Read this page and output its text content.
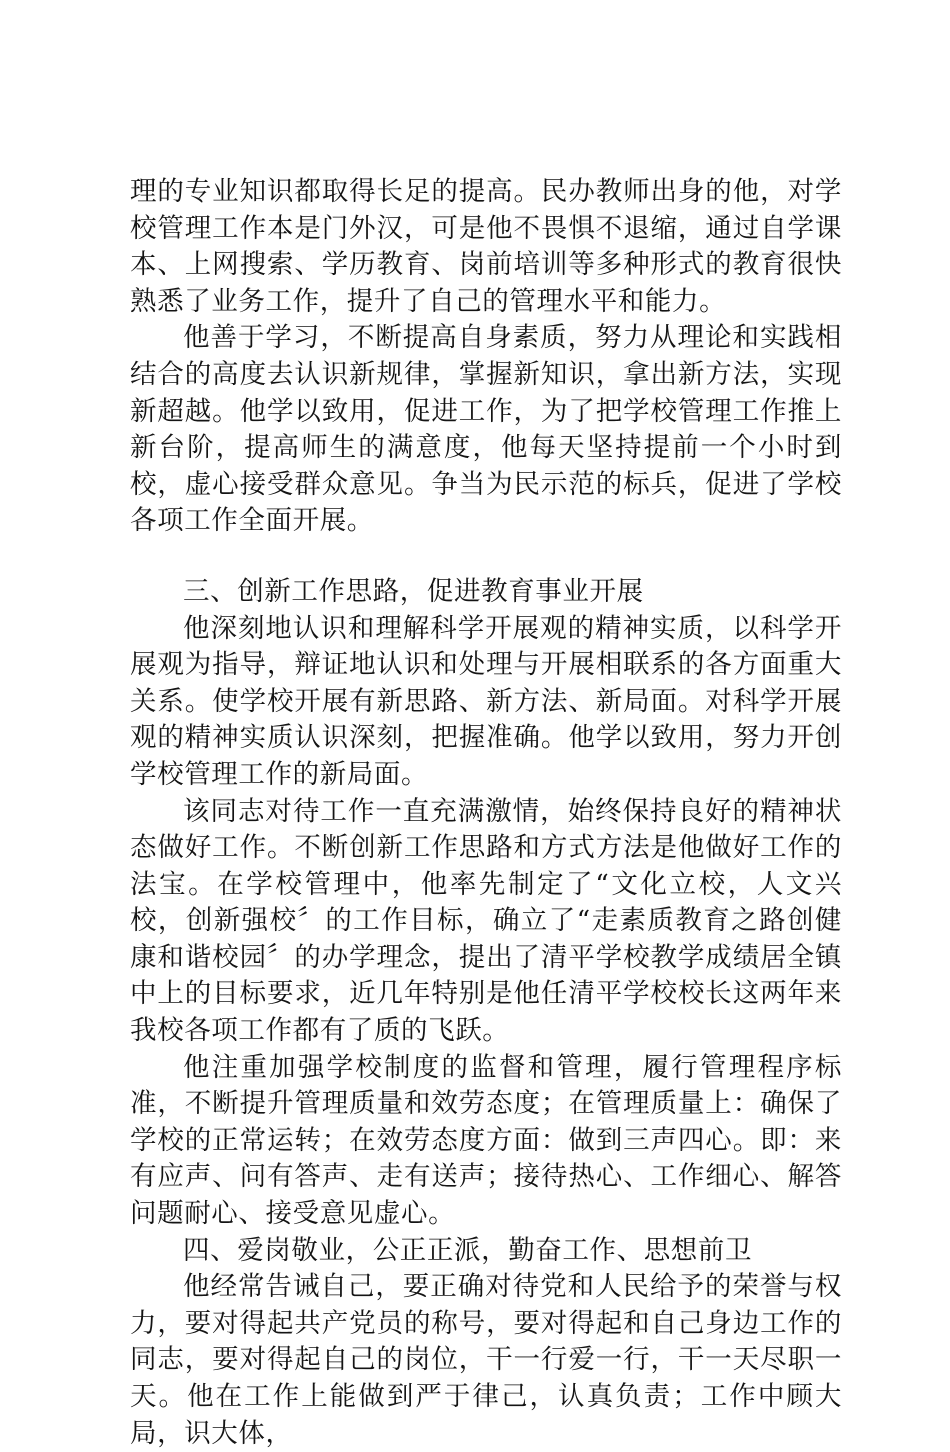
理的专业知识都取得长足的提高。民办教师出身的他，对学校管理工作本是门外汉，可是他不畏惧不退缩，通过自学课本、上网搜索、学历教育、岗前培训等多种形式的教育很快熟悉了业务工作，提升了自己的管理水平和能力。

他善于学习，不断提高自身素质，努力从理论和实践相结合的高度去认识新规律，掌握新知识，拿出新方法，实现新超越。他学以致用，促进工作，为了把学校管理工作推上新台阶，提高师生的满意度，他每天坚持提前一个小时到校，虚心接受群众意见。争当为民示范的标兵，促进了学校各项工作全面开展。

三、创新工作思路，促进教育事业开展

他深刻地认识和理解科学开展观的精神实质，以科学开展观为指导，辩证地认识和处理与开展相联系的各方面重大关系。使学校开展有新思路、新方法、新局面。对科学开展观的精神实质认识深刻，把握准确。他学以致用，努力开创学校管理工作的新局面。

该同志对待工作一直充满激情，始终保持良好的精神状态做好工作。不断创新工作思路和方式方法是他做好工作的法宝。在学校管理中，他率先制定了“文化立校，人文兴校，创新强校〞的工作目标，确立了“走素质教育之路创健康和谐校园〞的办学理念，提出了清平学校教学成绩居全镇中上的目标要求，近几年特别是他任清平学校校长这两年来我校各项工作都有了质的飞跃。

他注重加强学校制度的监督和管理，履行管理程序标准，不断提升管理质量和效劳态度；在管理质量上：确保了学校的正常运转；在效劳态度方面：做到三声四心。即：来有应声、问有答声、走有送声；接待热心、工作细心、解答问题耐心、接受意见虚心。

四、爱岗敬业，公正正派，勤奋工作、思想前卫

他经常告诫自己，要正确对待党和人民给予的荣誉与权力，要对得起共产党员的称号，要对得起和自己身边工作的同志，要对得起自己的岗位，干一行爱一行，干一天尽职一天。他在工作上能做到严于律己，认真负责；工作中顾大局，识大体，
